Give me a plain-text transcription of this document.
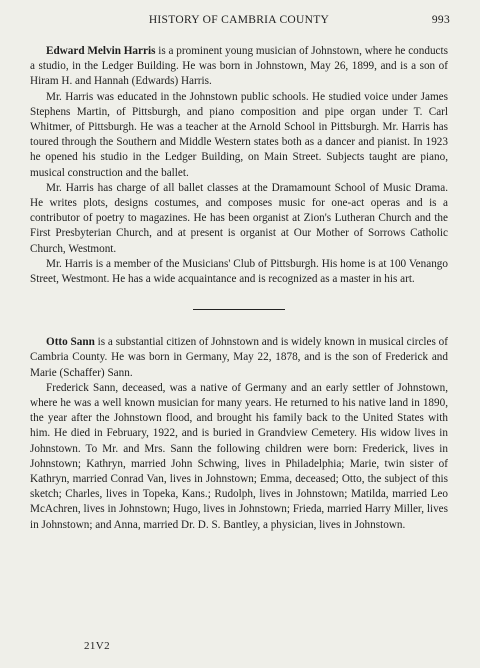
HISTORY OF CAMBRIA COUNTY	993

Edward Melvin Harris is a prominent young musician of Johnstown, where he conducts a studio, in the Ledger Building. He was born in Johnstown, May 26, 1899, and is a son of Hiram H. and Hannah (Edwards) Harris.

Mr. Harris was educated in the Johnstown public schools. He studied voice under James Stephens Martin, of Pittsburgh, and piano composition and pipe organ under T. Carl Whitmer, of Pittsburgh. He was a teacher at the Arnold School in Pittsburgh. Mr. Harris has toured through the Southern and Middle Western states both as a dancer and pianist. In 1923 he opened his studio in the Ledger Building, on Main Street. Subjects taught are piano, musical construction and the ballet.

Mr. Harris has charge of all ballet classes at the Dramamount School of Music Drama. He writes plots, designs costumes, and composes music for one-act operas and is a contributor of poetry to magazines. He has been organist at Zion's Lutheran Church and the First Presbyterian Church, and at present is organist at Our Mother of Sorrows Catholic Church, Westmont.

Mr. Harris is a member of the Musicians' Club of Pittsburgh. His home is at 100 Venango Street, Westmont. He has a wide acquaintance and is recognized as a master in his art.

Otto Sann is a substantial citizen of Johnstown and is widely known in musical circles of Cambria County. He was born in Germany, May 22, 1878, and is the son of Frederick and Marie (Schaffer) Sann.

Frederick Sann, deceased, was a native of Germany and an early settler of Johnstown, where he was a well known musician for many years. He returned to his native land in 1890, the year after the Johnstown flood, and brought his family back to the United States with him. He died in February, 1922, and is buried in Grandview Cemetery. His widow lives in Johnstown. To Mr. and Mrs. Sann the following children were born: Frederick, lives in Johnstown; Kathryn, married John Schwing, lives in Philadelphia; Marie, twin sister of Kathryn, married Conrad Van, lives in Johnstown; Emma, deceased; Otto, the subject of this sketch; Charles, lives in Topeka, Kans.; Rudolph, lives in Johnstown; Matilda, married Leo McAchren, lives in Johnstown; Hugo, lives in Johnstown; Frieda, married Harry Miller, lives in Johnstown; and Anna, married Dr. D. S. Bantley, a physician, lives in Johnstown.

21V2
